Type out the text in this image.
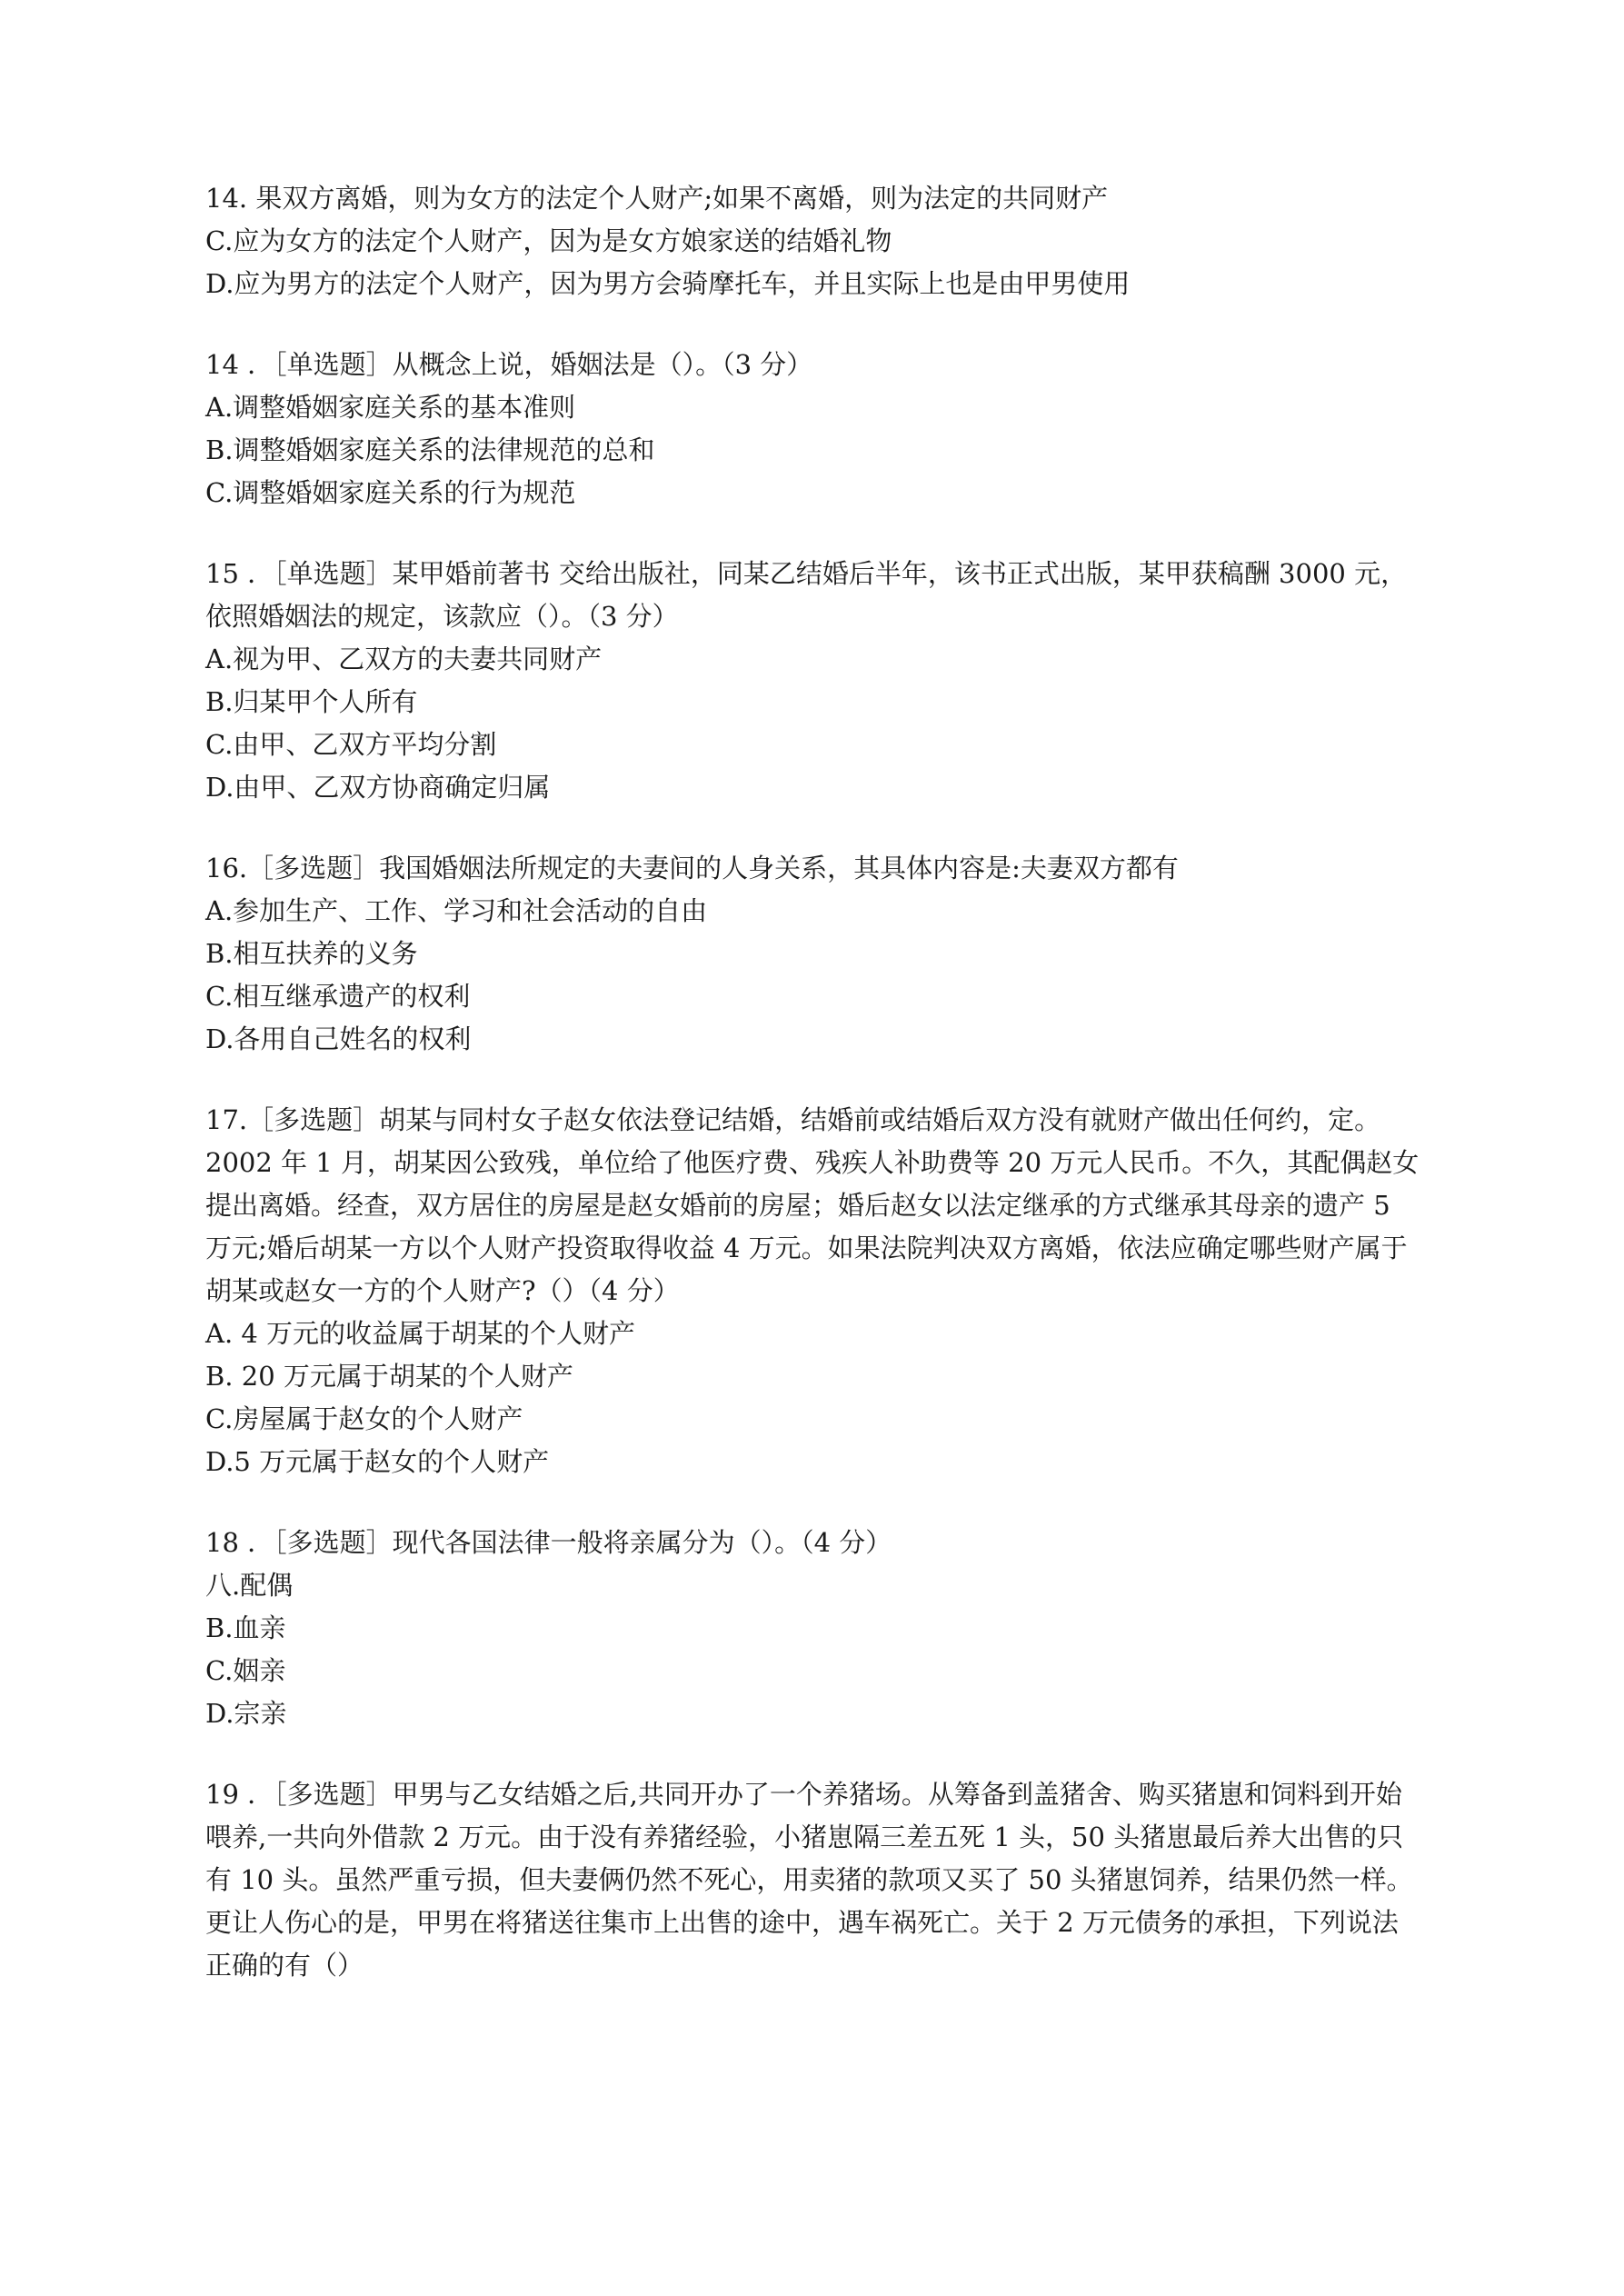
14. 果双方离婚，则为女方的法定个人财产;如果不离婚，则为法定的共同财产
C.应为女方的法定个人财产，因为是女方娘家送的结婚礼物
D.应为男方的法定个人财产，因为男方会骑摩托车，并且实际上也是由甲男使用
14 ．［单选题］从概念上说，婚姻法是（）。（3 分）
A.调整婚姻家庭关系的基本准则
B.调整婚姻家庭关系的法律规范的总和
C.调整婚姻家庭关系的行为规范
15 ．［单选题］某甲婚前著书 交给出版社，同某乙结婚后半年，该书正式出版，某甲获稿酬 3000 元，依照婚姻法的规定，该款应（）。（3 分）
A.视为甲、乙双方的夫妻共同财产
B.归某甲个人所有
C.由甲、乙双方平均分割
D.由甲、乙双方协商确定归属
16.［多选题］我国婚姻法所规定的夫妻间的人身关系，其具体内容是:夫妻双方都有
A.参加生产、工作、学习和社会活动的自由
B.相互扶养的义务
C.相互继承遗产的权利
D.各用自己姓名的权利
17.［多选题］胡某与同村女子赵女依法登记结婚，结婚前或结婚后双方没有就财产做出任何约，定。2002 年 1 月，胡某因公致残，单位给了他医疗费、残疾人补助费等 20 万元人民币。不久，其配偶赵女提出离婚。经查，双方居住的房屋是赵女婚前的房屋；婚后赵女以法定继承的方式继承其母亲的遗产 5 万元;婚后胡某一方以个人财产投资取得收益 4 万元。如果法院判决双方离婚，依法应确定哪些财产属于胡某或赵女一方的个人财产?（）（4 分）
A. 4 万元的收益属于胡某的个人财产
B. 20 万元属于胡某的个人财产
C.房屋属于赵女的个人财产
D.5 万元属于赵女的个人财产
18 ．［多选题］现代各国法律一般将亲属分为（）。（4 分）
八.配偶
B.血亲
C.姻亲
D.宗亲
19 ．［多选题］甲男与乙女结婚之后,共同开办了一个养猪场。从筹备到盖猪舍、购买猪崽和饲料到开始喂养,一共向外借款 2 万元。由于没有养猪经验，小猪崽隔三差五死 1 头，50 头猪崽最后养大出售的只有 10 头。虽然严重亏损，但夫妻俩仍然不死心，用卖猪的款项又买了 50 头猪崽饲养，结果仍然一样。更让人伤心的是，甲男在将猪送往集市上出售的途中，遇车祸死亡。关于 2 万元债务的承担，下列说法正确的有（）
